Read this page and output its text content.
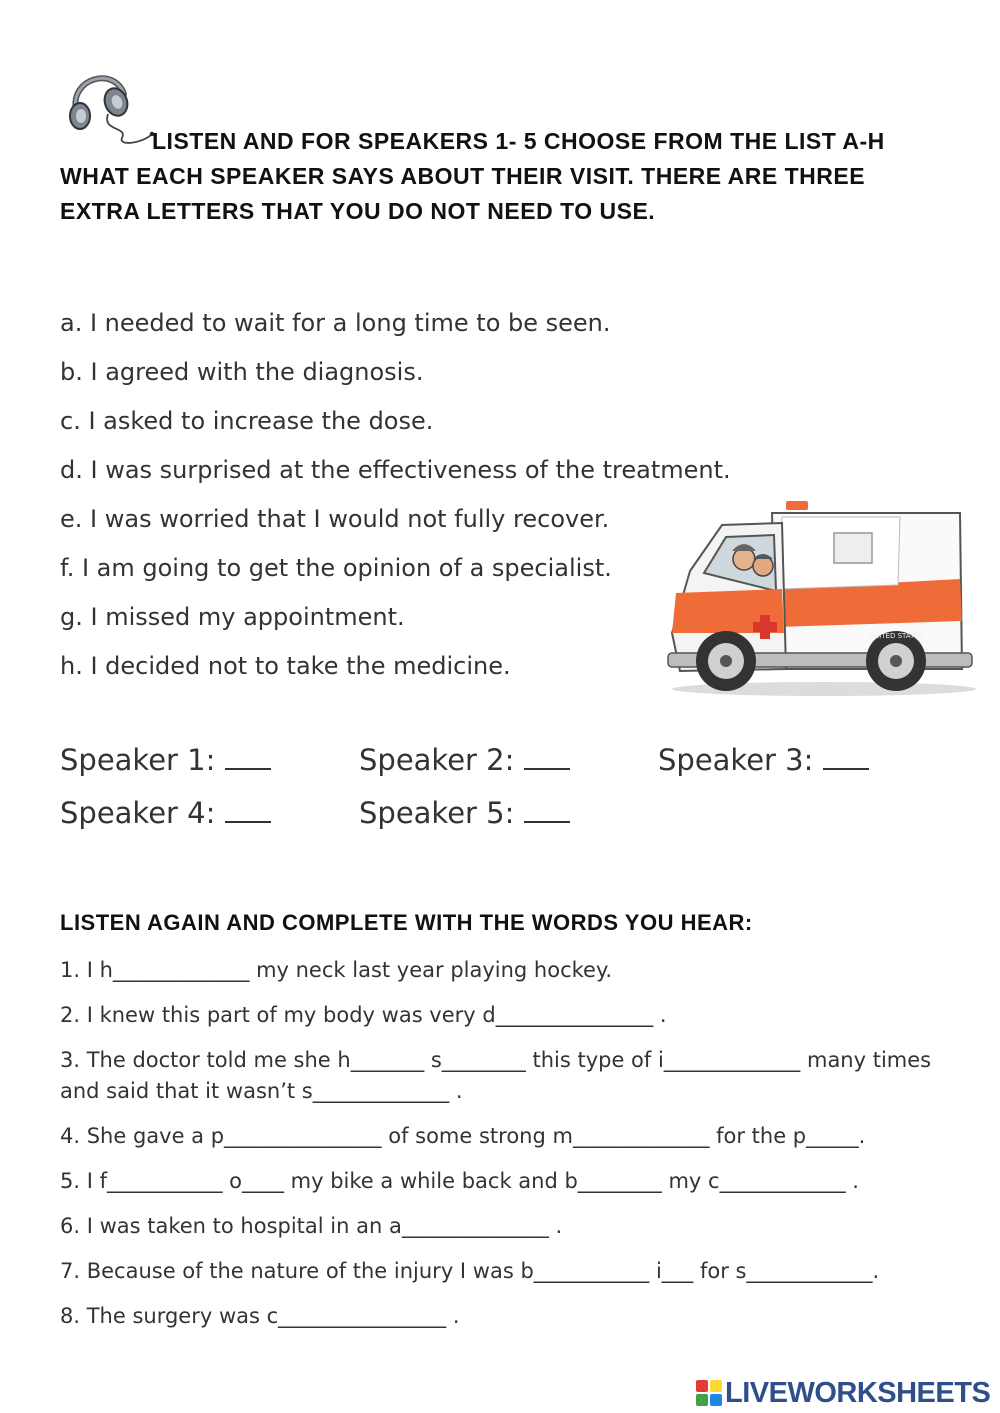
LISTEN AND FOR SPEAKERS 1- 5 CHOOSE FROM THE LIST A-H WHAT EACH SPEAKER SAYS ABOUT THEIR VISIT. THERE ARE THREE EXTRA LETTERS THAT YOU DO NOT NEED TO USE.
a. I needed to wait for a long time to be seen.
b. I agreed with the diagnosis.
c. I asked to increase the dose.
d. I was surprised at the effectiveness of the treatment.
e. I was worried that I would not fully recover.
f. I am going to get the opinion of a specialist.
g. I missed my appointment.
h. I decided not to take the medicine.
UNITED STATES
Speaker 1:	Speaker 2:	Speaker 3:
Speaker 4:	Speaker 5:
LISTEN AGAIN AND COMPLETE WITH THE WORDS YOU HEAR:
1. I h_____________ my neck last year playing hockey.
2. I knew this part of my body was very d_______________ .
3. The doctor told me she h_______ s________ this type of i_____________ many times and said that it wasn’t s_____________ .
4. She gave a p_______________ of some strong m_____________ for the p_____.
5. I f___________ o____ my bike a while back and b________ my c____________ .
6. I was taken to hospital in an a______________ .
7. Because of the nature of the injury I was b___________ i___ for s____________.
8. The surgery was c________________ .
LIVEWORKSHEETS
